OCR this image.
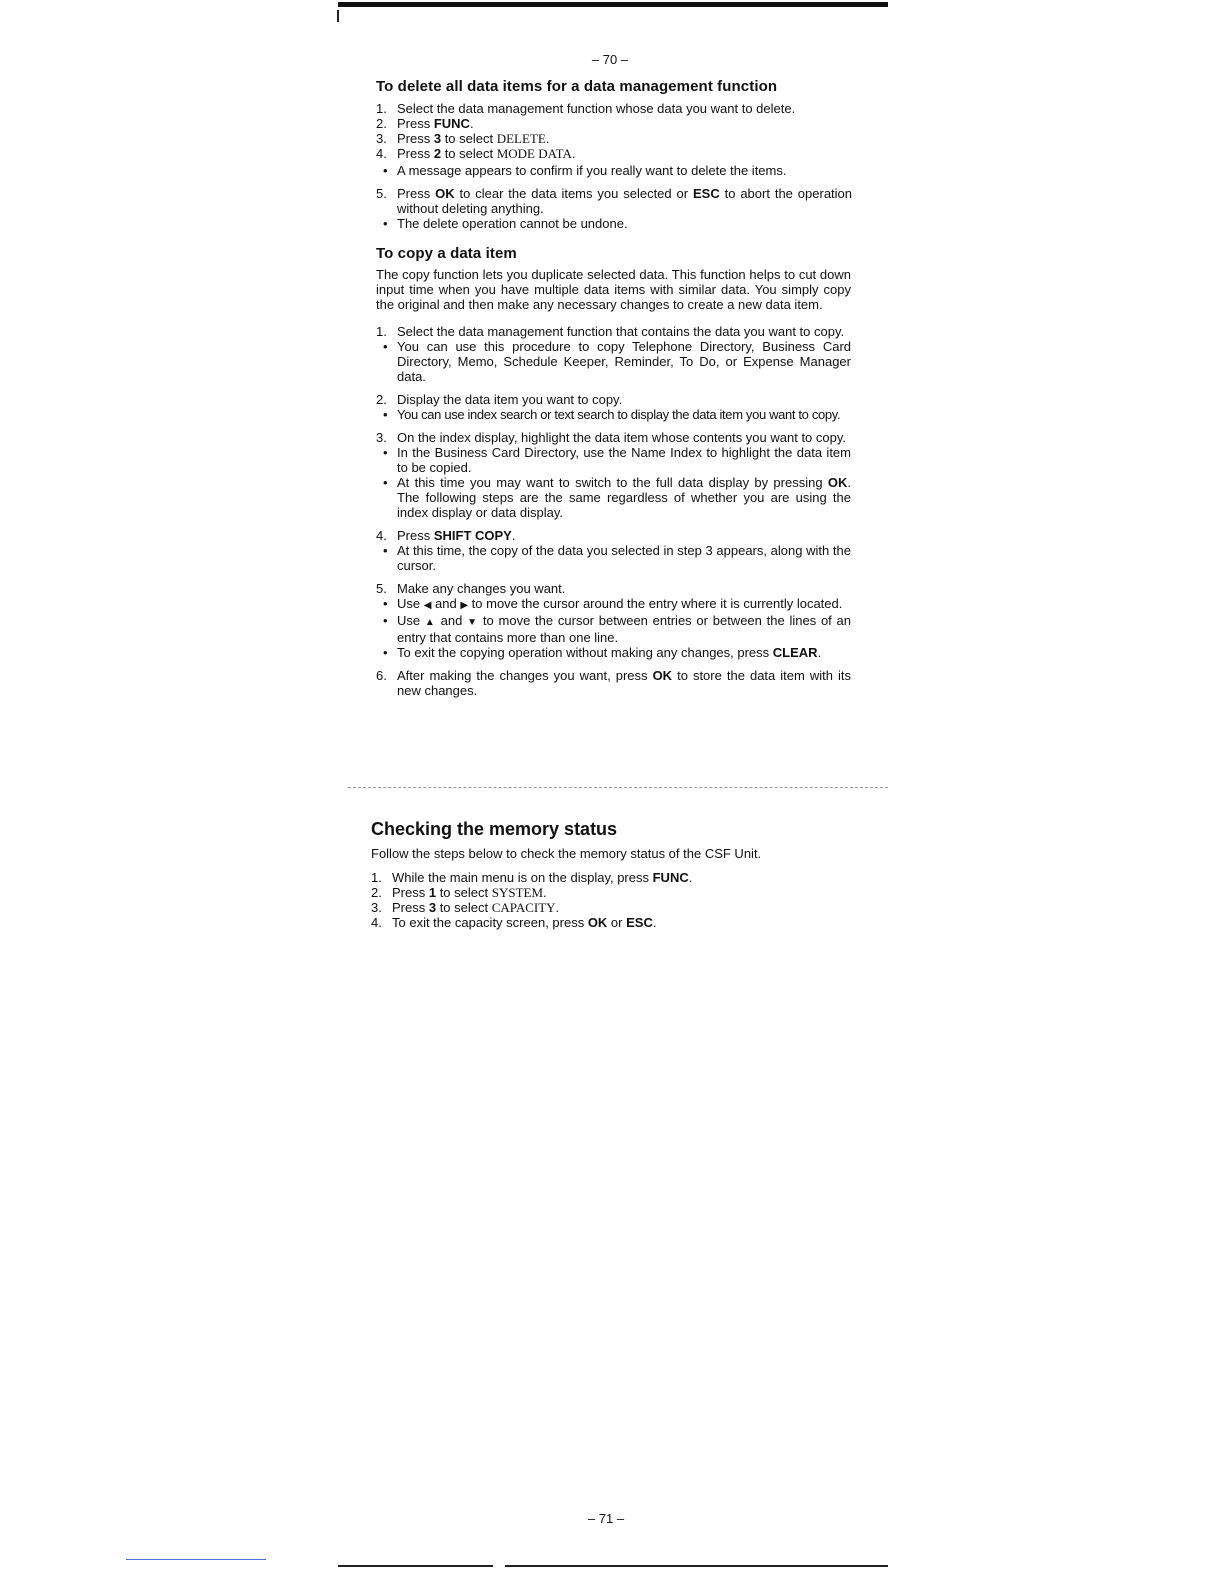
– 70 –
To delete all data items for a data management function
1. Select the data management function whose data you want to delete.
2. Press FUNC.
3. Press 3 to select DELETE.
4. Press 2 to select MODE DATA.
• A message appears to confirm if you really want to delete the items.
5. Press OK to clear the data items you selected or ESC to abort the operation without deleting anything.
• The delete operation cannot be undone.
To copy a data item
The copy function lets you duplicate selected data. This function helps to cut down input time when you have multiple data items with similar data. You simply copy the original and then make any necessary changes to create a new data item.
1. Select the data management function that contains the data you want to copy.
• You can use this procedure to copy Telephone Directory, Business Card Directory, Memo, Schedule Keeper, Reminder, To Do, or Expense Manager data.
2. Display the data item you want to copy.
• You can use index search or text search to display the data item you want to copy.
3. On the index display, highlight the data item whose contents you want to copy.
• In the Business Card Directory, use the Name Index to highlight the data item to be copied.
• At this time you may want to switch to the full data display by pressing OK. The following steps are the same regardless of whether you are using the index display or data display.
4. Press SHIFT COPY.
• At this time, the copy of the data you selected in step 3 appears, along with the cursor.
5. Make any changes you want.
• Use ◀ and ▶ to move the cursor around the entry where it is currently located.
• Use ▲ and ▼ to move the cursor between entries or between the lines of an entry that contains more than one line.
• To exit the copying operation without making any changes, press CLEAR.
6. After making the changes you want, press OK to store the data item with its new changes.
Checking the memory status
Follow the steps below to check the memory status of the CSF Unit.
1. While the main menu is on the display, press FUNC.
2. Press 1 to select SYSTEM.
3. Press 3 to select CAPACITY.
4. To exit the capacity screen, press OK or ESC.
– 71 –
